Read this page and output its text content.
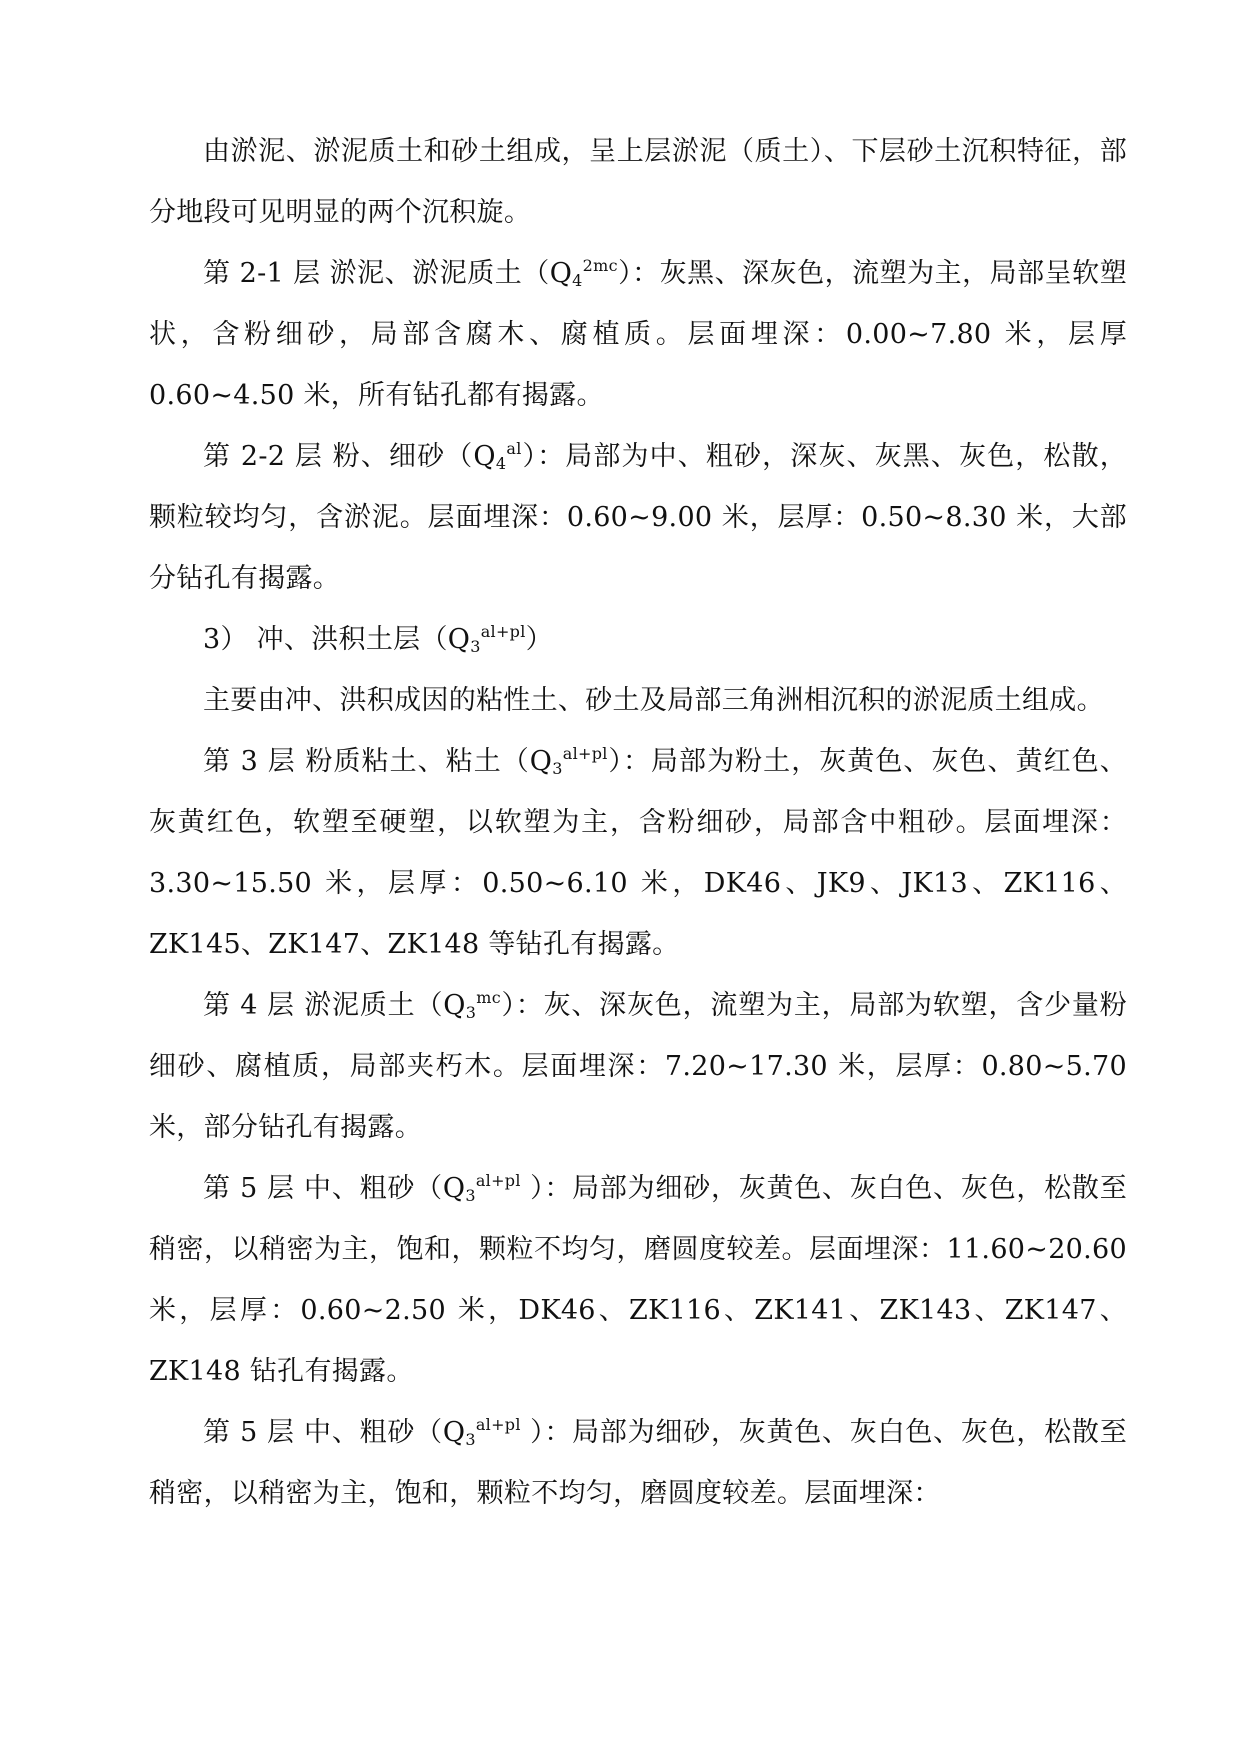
由淤泥、淤泥质土和砂土组成，呈上层淤泥（质土）、下层砂土沉积特征，部分地段可见明显的两个沉积旋。

第 2-1 层 淤泥、淤泥质土$(Q_4^{2mc})$：灰黑、深灰色，流塑为主，局部呈软塑状，含粉细砂，局部含腐木、腐植质。层面埋深：0.00~7.80 米，层厚 0.60~4.50 米，所有钻孔都有揭露。

第 2-2 层 粉、细砂$(Q_4^{al})$：局部为中、粗砂，深灰、灰黑、灰色，松散，颗粒较均匀，含淤泥。层面埋深：0.60~9.00 米，层厚：0.50~8.30 米，大部分钻孔有揭露。

3） 冲、洪积土层$(Q_3^{al+pl})$

主要由冲、洪积成因的粘性土、砂土及局部三角洲相沉积的淤泥质土组成。

第 3 层 粉质粘土、粘土$(Q_3^{al+pl})$：局部为粉土，灰黄色、灰色、黄红色、灰黄红色，软塑至硬塑，以软塑为主，含粉细砂，局部含中粗砂。层面埋深：3.30~15.50 米，层厚：0.50~6.10 米，DK46、JK9、JK13、ZK116、ZK145、ZK147、ZK148 等钻孔有揭露。

第 4 层 淤泥质土$(Q_3^{mc})$：灰、深灰色，流塑为主，局部为软塑，含少量粉细砂、腐植质，局部夹朽木。层面埋深：7.20~17.30 米，层厚：0.80~5.70 米，部分钻孔有揭露。

第 5 层 中、粗砂（$Q_3^{al+pl}$ ）：局部为细砂，灰黄色、灰白色、灰色，松散至稍密，以稍密为主，饱和，颗粒不均匀，磨圆度较差。层面埋深：11.60~20.60 米，层厚：0.60~2.50 米，DK46、ZK116、ZK141、ZK143、ZK147、ZK148 钻孔有揭露。

第 5 层 中、粗砂（$Q_3^{al+pl}$ ）：局部为细砂，灰黄色、灰白色、灰色，松散至稍密，以稍密为主，饱和，颗粒不均匀，磨圆度较差。层面埋深：
